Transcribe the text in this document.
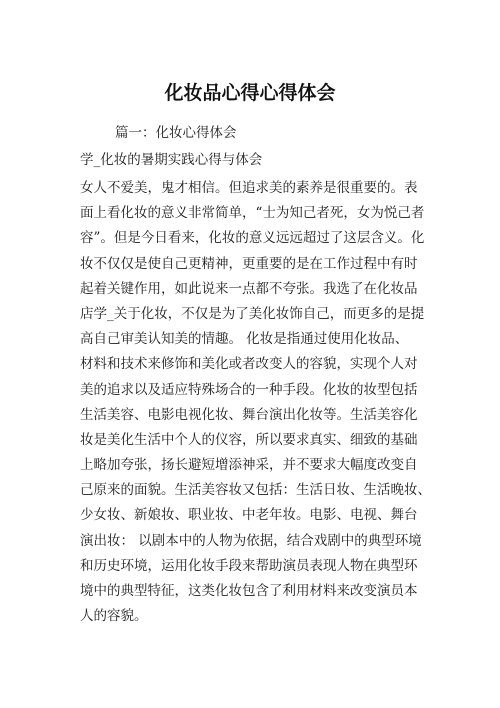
化妆品心得心得体会
篇一：化妆心得体会
学_化妆的暑期实践心得与体会
女人不爱美，鬼才相信。但追求美的素养是很重要的。表
面上看化妆的意义非常简单，“士为知己者死，女为悦己者
容”。但是今日看来，化妆的意义远远超过了这层含义。化
妆不仅仅是使自己更精神，更重要的是在工作过程中有时
起着关键作用，如此说来一点都不夸张。我选了在化妆品
店学_关于化妆，不仅是为了美化妆饰自己，而更多的是提
高自己审美认知美的情趣。 化妆是指通过使用化妆品、
材料和技术来修饰和美化或者改变人的容貌，实现个人对
美的追求以及适应特殊场合的一种手段。化妆的妆型包括
生活美容、电影电视化妆、舞台演出化妆等。生活美容化
妆是美化生活中个人的仪容，所以要求真实、细致的基础
上略加夸张，扬长避短增添神采，并不要求大幅度改变自
己原来的面貌。生活美容妆又包括：生活日妆、生活晚妆、
少女妆、新娘妆、职业妆、中老年妆。电影、电视、舞台
演出妆： 以剧本中的人物为依据，结合戏剧中的典型环境
和历史环境，运用化妆手段来帮助演员表现人物在典型环
境中的典型特征，这类化妆包含了利用材料来改变演员本
人的容貌。
